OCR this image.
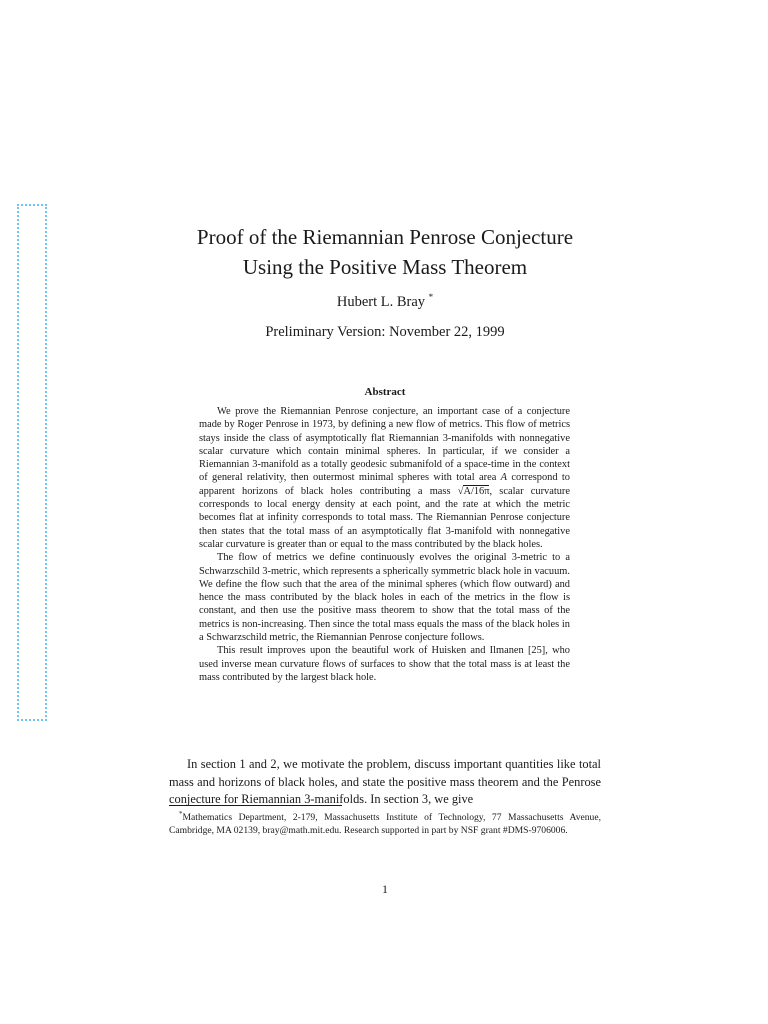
Proof of the Riemannian Penrose Conjecture
Using the Positive Mass Theorem
Hubert L. Bray *
Preliminary Version: November 22, 1999
Abstract

We prove the Riemannian Penrose conjecture, an important case of a conjecture made by Roger Penrose in 1973, by defining a new flow of metrics. This flow of metrics stays inside the class of asymptotically flat Riemannian 3-manifolds with nonnegative scalar curvature which contain minimal spheres. In particular, if we consider a Riemannian 3-manifold as a totally geodesic submanifold of a space-time in the context of general relativity, then outermost minimal spheres with total area A correspond to apparent horizons of black holes contributing a mass √A/16π, scalar curvature corresponds to local energy density at each point, and the rate at which the metric becomes flat at infinity corresponds to total mass. The Riemannian Penrose conjecture then states that the total mass of an asymptotically flat 3-manifold with nonnegative scalar curvature is greater than or equal to the mass contributed by the black holes.

The flow of metrics we define continuously evolves the original 3-metric to a Schwarzschild 3-metric, which represents a spherically symmetric black hole in vacuum. We define the flow such that the area of the minimal spheres (which flow outward) and hence the mass contributed by the black holes in each of the metrics in the flow is constant, and then use the positive mass theorem to show that the total mass of the metrics is non-increasing. Then since the total mass equals the mass of the black holes in a Schwarzschild metric, the Riemannian Penrose conjecture follows.

This result improves upon the beautiful work of Huisken and Ilmanen [25], who used inverse mean curvature flows of surfaces to show that the total mass is at least the mass contributed by the largest black hole.

In section 1 and 2, we motivate the problem, discuss important quantities like total mass and horizons of black holes, and state the positive mass theorem and the Penrose conjecture for Riemannian 3-manifolds. In section 3, we give

*Mathematics Department, 2-179, Massachusetts Institute of Technology, 77 Massachusetts Avenue, Cambridge, MA 02139, bray@math.mit.edu. Research supported in part by NSF grant #DMS-9706006.

1
